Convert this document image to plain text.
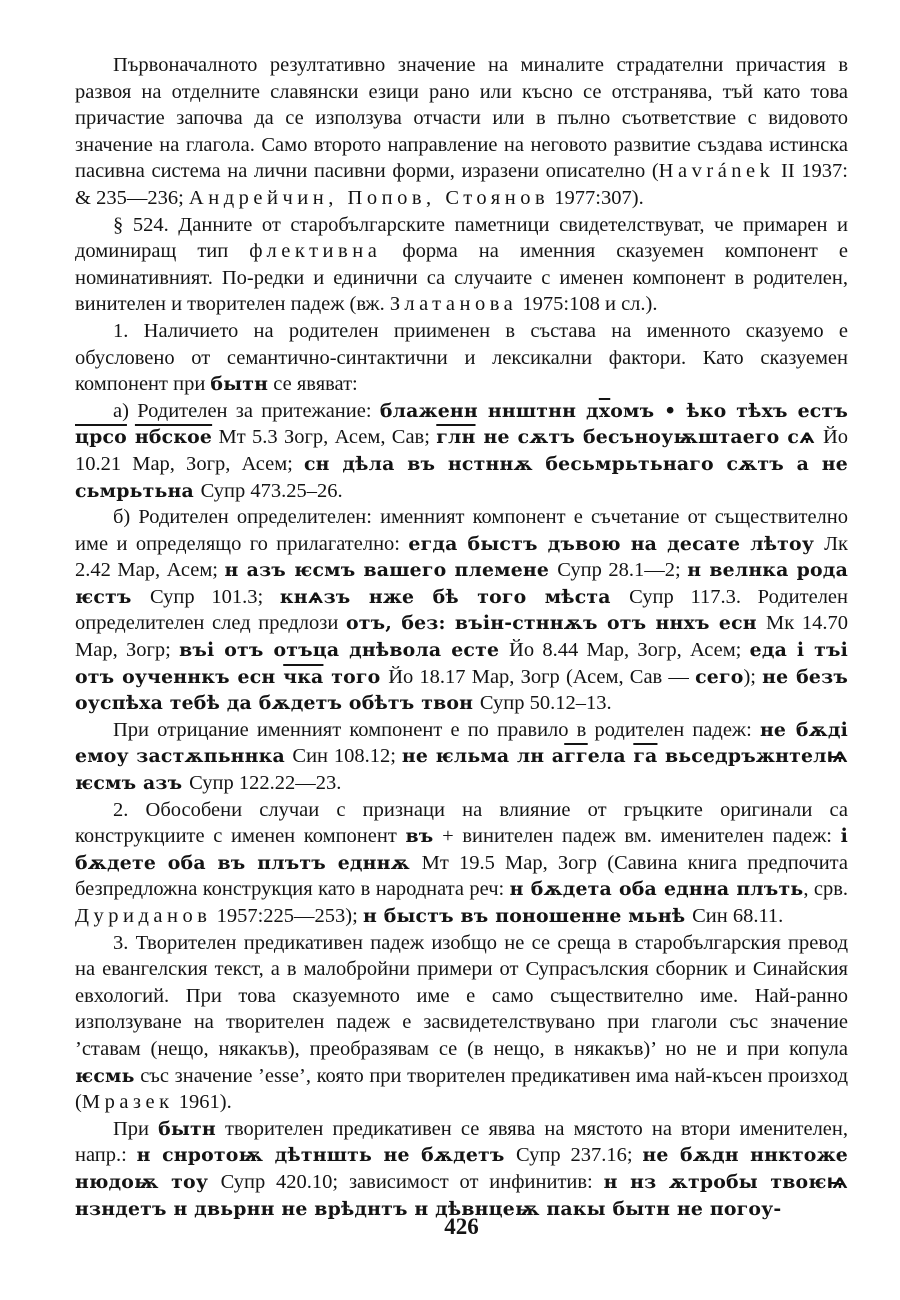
Първоначалното резултативно значение на миналите страдателни причастия в развоя на отделните славянски езици рано или късно се отстранява, тъй като това причастие започва да се използува отчасти или в пълно съответствие с видовото значение на глагола. Само второто направление на неговото развитие създава истинска пасивна система на лични пасивни форми, изразени описателно (Havránek II 1937: & 235—236; Андрейчин, Попов, Стоянов 1977:307).

§ 524. Данните от старобългарските паметници свидетелствуват, че примарен и доминиращ тип флективна форма на именния сказуемен компонент е номинативният. По-редки и единични са случаите с именен компонент в родителен, винителен и творителен падеж (вж. Златанова 1975:108 и сл.).

1. Наличието на родителен приименен в състава на именното сказуемо е обусловено от семантично-синтактични и лексикални фактори. Като сказуемен компонент при бытн се явяват:

а) Родителен за притежание: блаженн ннштнн дхомъ • ѣко тѣхъ естъ црсо нбское Мт 5.3 Зогр, Асем, Сав; глн не сѫтъ бесъноуѭштаего сѧ Йо 10.21 Мар, Зогр, Асем; сн дѣла въ нстннѫ бесьмрьтьнаго сѫтъ а не сьмрьтьна Супр 473.25–26.

б) Родителен определителен: именният компонент е съчетание от съществително име и определящо го прилагателно: егда быстъ дъвою на десате лѣтоу Лк 2.42 Мар, Асем; н азъ ѥсмъ вашего племене Супр 28.1—2; н велнка рода ѥстъ Супр 101.3; кнѧзъ нже бѣ того мѣста Супр 117.3. Родителен определителен след предлози отъ, без: въін-стннѫъ отъ ннхъ есн Мк 14.70 Мар, Зогр; въі отъ отъца днѣвола есте Йо 8.44 Мар, Зогр, Асем; еда і тъі отъ оученнкъ есн чка того Йо 18.17 Мар, Зогр (Асем, Сав — сего); не безъ оуспѣха тебѣ да бѫдетъ обѣтъ твон Супр 50.12–13.

При отрицание именният компонент е по правило в родителен падеж: не бѫді емоу застѫпьннка Син 108.12; не ѥльма лн аггела га вьседръжнтелѩ ѥсмъ азъ Супр 122.22—23.

2. Обособени случаи с признаци на влияние от гръцките оригинали са конструкциите с именен компонент въ + винителен падеж вм. именителен падеж: і бѫдете оба въ плътъ едннѫ Мт 19.5 Мар, Зогр (Савина книга предпочита безпредложна конструкция като в народната реч: н бѫдета оба еднна плъть, срв. Дуриданов 1957:225—253); н быстъ въ поношенне мьнѣ Син 68.11.

3. Творителен предикативен падеж изобщо не се среща в старобългарския превод на евангелския текст, а в малобройни примери от Супрасълския сборник и Синайския евхологий. При това сказуемното име е само съществително име. Най-ранно използуване на творителен падеж е засвидетелствувано при глаголи със значение ’ставам (нещо, някакъв), преобразявам се (в нещо, в някакъв)’ но не и при копула ѥсмь със значение ’esse’, която при творителен предикативен има най-късен произход (Мразек 1961).

При бытн творителен предикативен се явява на мястото на втори именителен, напр.: н снротоѭ дѣтншть не бѫдетъ Супр 237.16; не бѫдн ннктоже нюдоѭ тоу Супр 420.10; зависимост от инфинитив: н нз ѫтробы твоѥѩ нзндетъ н двьрнн не врѣднтъ н дѣвнцеѭ пакы бытн не погоу-

426
